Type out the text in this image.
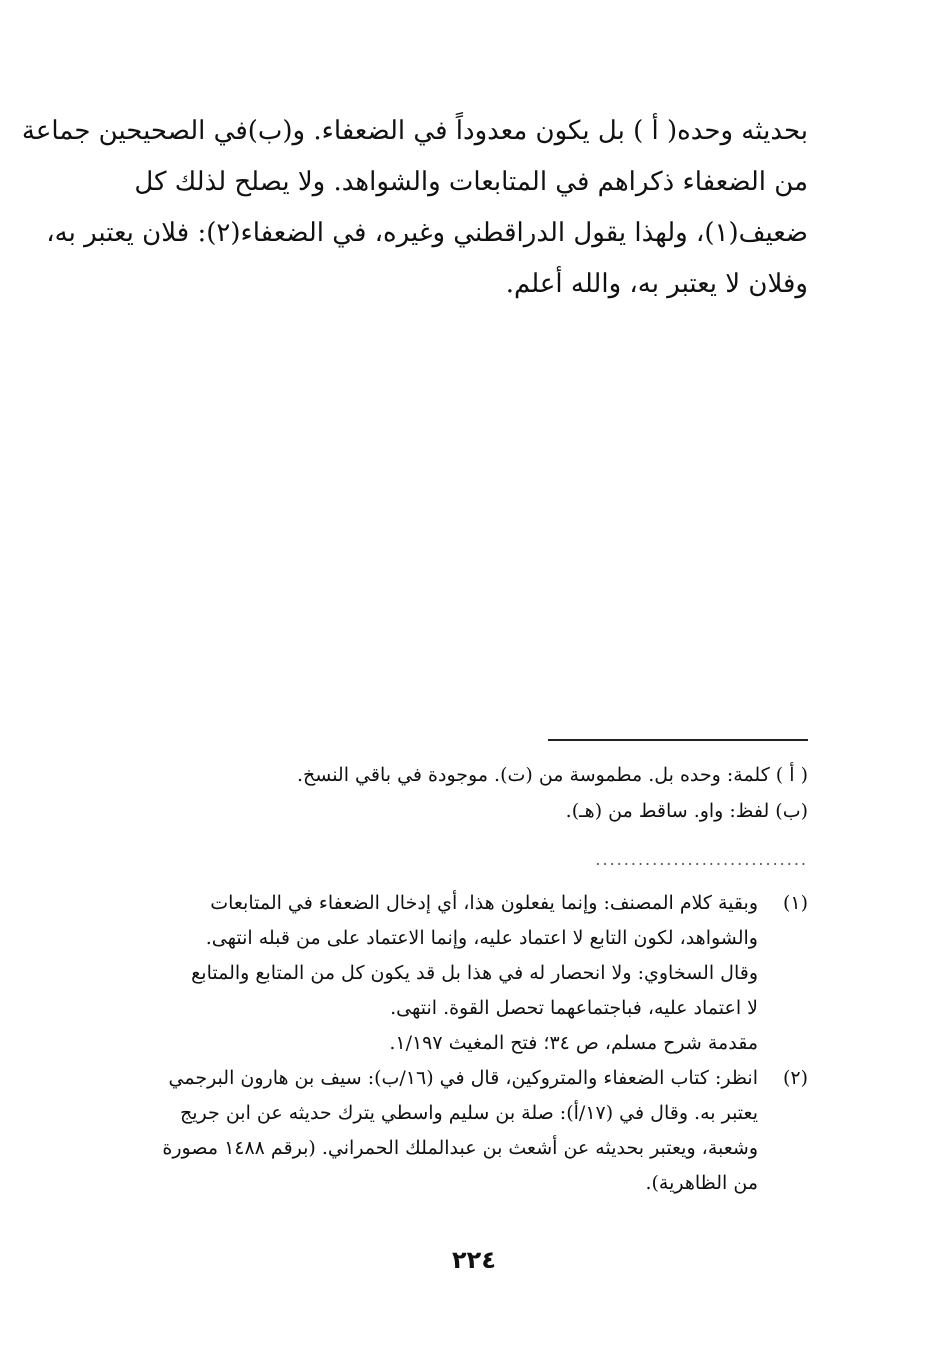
بحديثه وحده( أ ) بل يكون معدوداً في الضعفاء. و(ب)في الصحيحين جماعة
من الضعفاء ذكراهم في المتابعات والشواهد. ولا يصلح لذلك كل
ضعيف(١)، ولهذا يقول الدراقطني وغيره، في الضعفاء(٢): فلان يعتبر به،
وفلان لا يعتبر به، والله أعلم.
( أ ) كلمة: وحده بل. مطموسة من (ت). موجودة في باقي النسخ.
(ب) لفظ: واو. ساقط من (هـ).
..............................
(١)
وبقية كلام المصنف: وإنما يفعلون هذا، أي إدخال الضعفاء في المتابعات
والشواهد، لكون التابع لا اعتماد عليه، وإنما الاعتماد على من قبله انتهى.
وقال السخاوي: ولا انحصار له في هذا بل قد يكون كل من المتابع والمتابع
لا اعتماد عليه، فباجتماعهما تحصل القوة. انتهى.
مقدمة شرح مسلم، ص ٣٤؛ فتح المغيث ١/١٩٧.
(٢)
انظر: كتاب الضعفاء والمتروكين، قال في (١٦/ب): سيف بن هارون البرجمي
يعتبر به. وقال في (١٧/أ): صلة بن سليم واسطي يترك حديثه عن ابن جريج
وشعبة، ويعتبر بحديثه عن أشعث بن عبدالملك الحمراني. (برقم ١٤٨٨ مصورة
من الظاهرية).
٢٢٤
